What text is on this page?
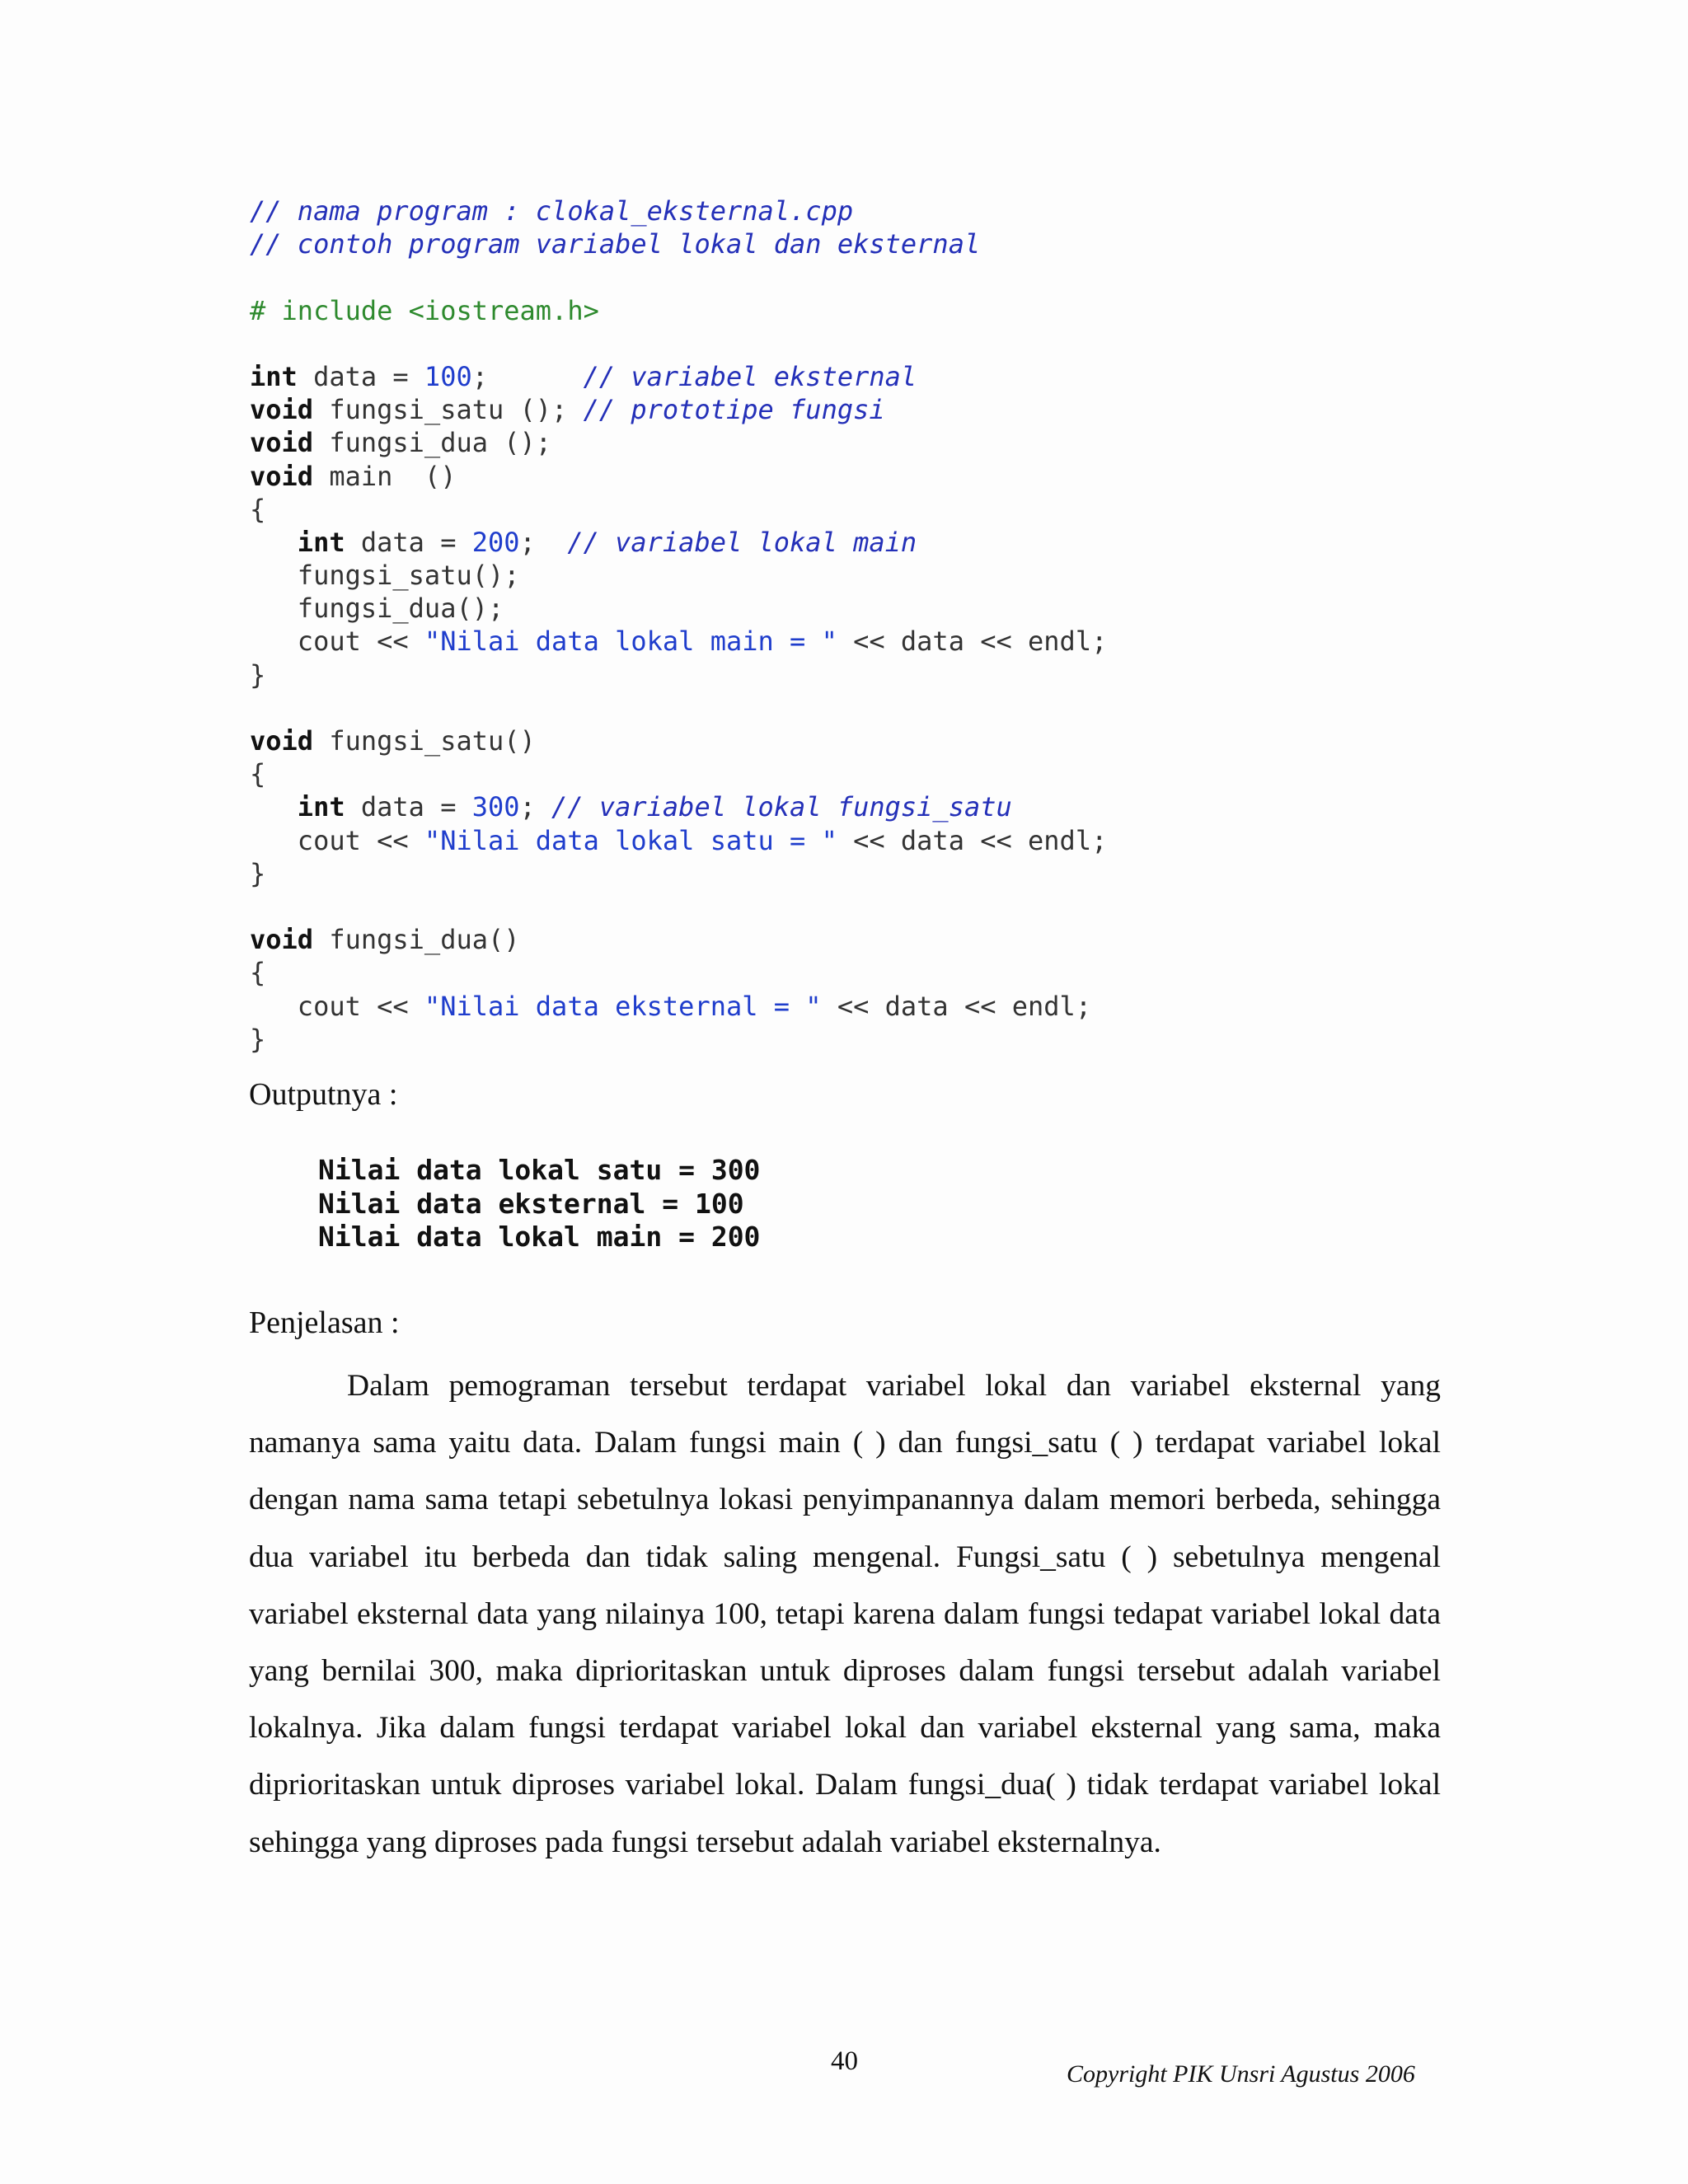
// nama program : clokal_eksternal.cpp
// contoh program variabel lokal dan eksternal
# include <iostream.h>
int data = 100;      // variabel eksternal
void fungsi_satu (); // prototipe fungsi
void fungsi_dua ();
void main  ()
{
int data = 200;  // variabel lokal main
fungsi_satu();
fungsi_dua();
cout << "Nilai data lokal main = " << data << endl;
}
void fungsi_satu()
{
int data = 300; // variabel lokal fungsi_satu
cout << "Nilai data lokal satu = " << data << endl;
}
void fungsi_dua()
{
cout << "Nilai data eksternal = " << data << endl;
}
Outputnya :
Nilai data lokal satu = 300
Nilai data eksternal = 100
Nilai data lokal main = 200
Penjelasan :

Dalam pemograman tersebut terdapat variabel lokal dan variabel eksternal yang namanya sama yaitu data. Dalam fungsi main ( ) dan fungsi_satu ( ) terdapat variabel lokal dengan nama sama tetapi sebetulnya lokasi penyimpanannya dalam memori berbeda, sehingga dua variabel itu berbeda dan tidak saling mengenal. Fungsi_satu ( ) sebetulnya mengenal variabel eksternal data yang nilainya 100, tetapi karena dalam fungsi tedapat variabel lokal data yang bernilai 300, maka diprioritaskan untuk diproses dalam fungsi tersebut adalah variabel lokalnya. Jika dalam fungsi terdapat variabel lokal dan variabel eksternal yang sama, maka diprioritaskan untuk diproses variabel lokal. Dalam fungsi_dua( ) tidak terdapat variabel lokal sehingga yang diproses pada fungsi tersebut adalah variabel eksternalnya.

40	Copyright PIK Unsri Agustus 2006
